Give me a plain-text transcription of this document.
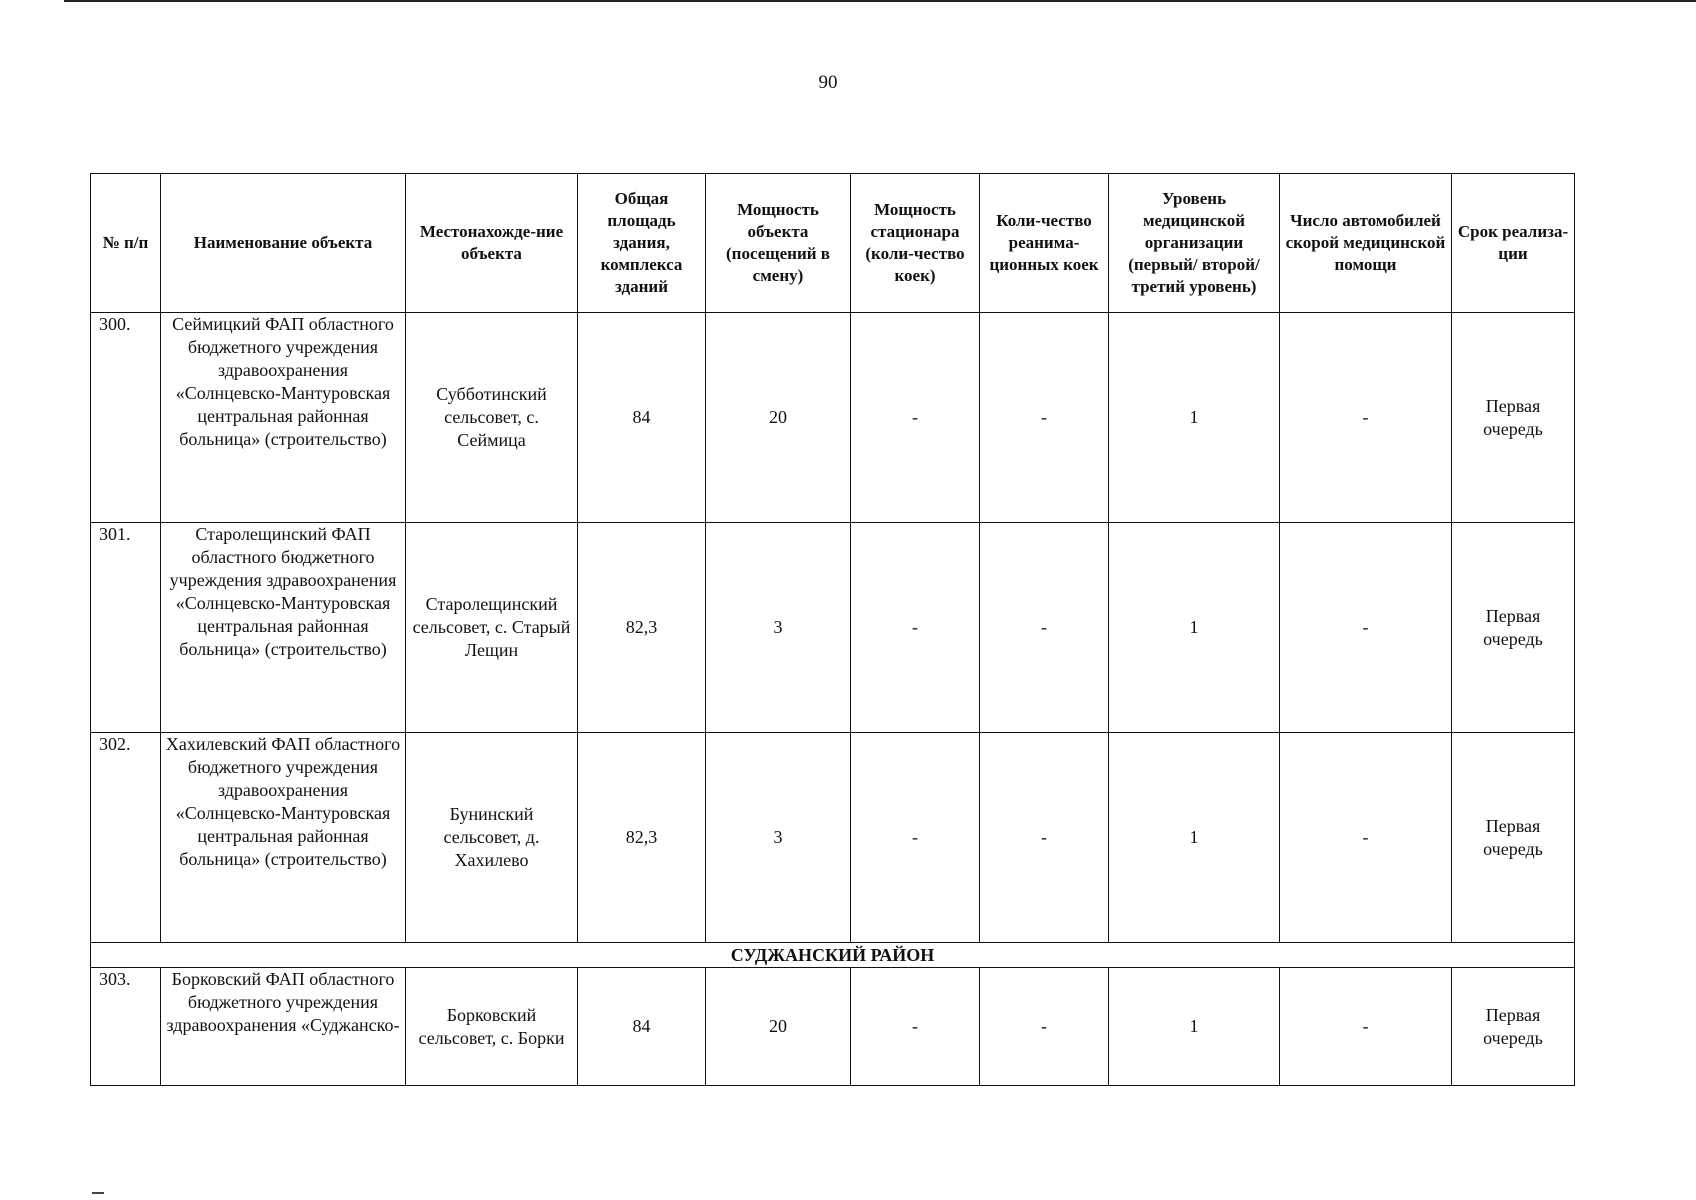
90
№ п/п	Наименование объекта	Местонахожде-ние объекта	Общая площадь здания, комплекса зданий	Мощность объекта (посещений в смену)	Мощность стационара (коли-чество коек)	Коли-чество реанима-ционных коек	Уровень медицинской организации (первый/ второй/ третий уровень)	Число автомобилей скорой медицинской помощи	Срок реализа-ции
300.	Сеймицкий ФАП областного бюджетного учреждения здравоохранения «Солнцевско-Мантуровская центральная районная больница» (строительство)	Субботинский сельсовет, с. Сеймица	84	20	-	-	1	-	Первая очередь
301.	Старолещинский ФАП областного бюджетного учреждения здравоохранения «Солнцевско-Мантуровская центральная районная больница» (строительство)	Старолещинский сельсовет, с. Старый Лещин	82,3	3	-	-	1	-	Первая очередь
302.	Хахилевский ФАП областного бюджетного учреждения здравоохранения «Солнцевско-Мантуровская центральная районная больница» (строительство)	Бунинский сельсовет, д. Хахилево	82,3	3	-	-	1	-	Первая очередь
СУДЖАНСКИЙ РАЙОН									
303.	Борковский ФАП областного бюджетного учреждения здравоохранения «Суджанско-	Борковский сельсовет, с. Борки	84	20	-	-	1	-	Первая очередь
